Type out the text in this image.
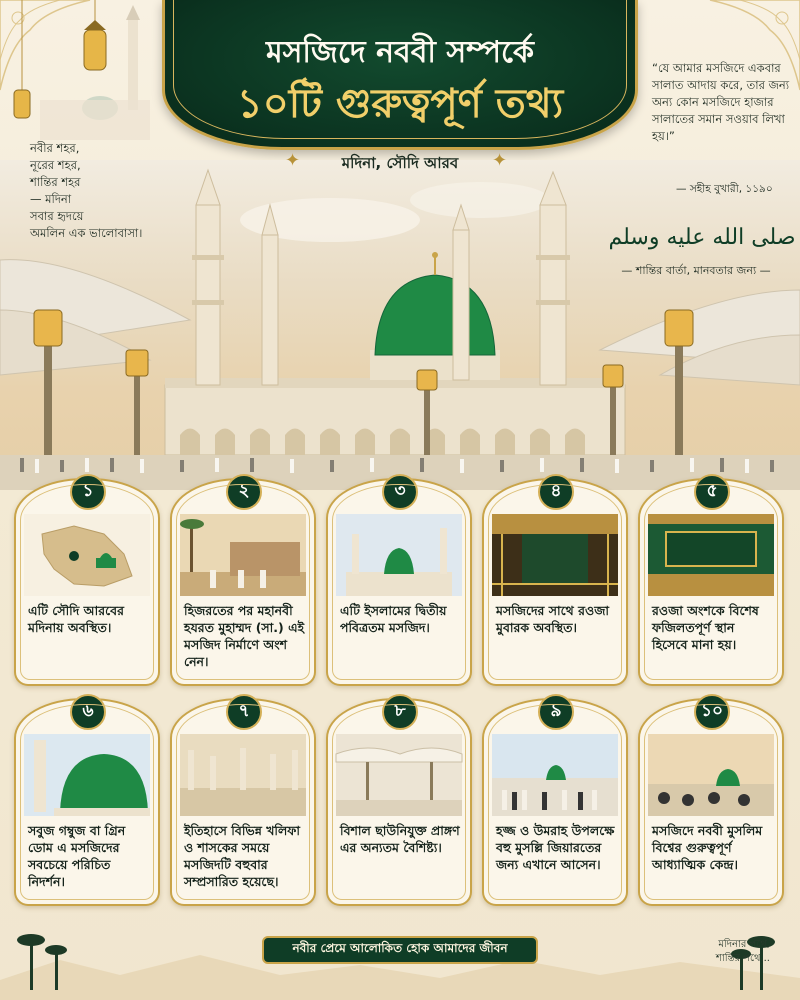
মসজিদে নববী সম্পর্কে
১০টি গুরুত্বপূর্ণ তথ্য
✦	মদিনা, সৌদি আরব	✦
নবীর শহর,
নূরের শহর,
শান্তির শহর
— মদিনা
সবার হৃদয়ে
অমলিন এক ভালোবাসা।
“যে আমার মসজিদে একবার সালাত আদায় করে, তার জন্য অন্য কোন মসজিদে হাজার সালাতের সমান সওয়াব লিখা হয়।”
— সহীহ বুখারী, ১১৯০
صلى الله عليه وسلم
— শান্তির বার্তা, মানবতার জন্য —
১
এটি সৌদি আরবের মদিনায় অবস্থিত।
২
হিজরতের পর মহানবী হযরত মুহাম্মদ (সা.) এই মসজিদ নির্মাণে অংশ নেন।
৩
এটি ইসলামের দ্বিতীয় পবিত্রতম মসজিদ।
৪
মসজিদের সাথে রওজা মুবারক অবস্থিত।
৫
রওজা অংশকে বিশেষ ফজিলতপূর্ণ স্থান হিসেবে মানা হয়।
৬
সবুজ গম্বুজ বা গ্রিন ডোম এ মসজিদের সবচেয়ে পরিচিত নিদর্শন।
৭
ইতিহাসে বিভিন্ন খলিফা ও শাসকের সময়ে মসজিদটি বহুবার সম্প্রসারিত হয়েছে।
৮
বিশাল ছাউনিযুক্ত প্রাঙ্গণ এর অন্যতম বৈশিষ্ট্য।
৯
হজ্জ ও উমরাহ উপলক্ষে বহু মুসল্লি জিয়ারতের জন্য এখানে আসেন।
১০
মসজিদে নববী মুসলিম বিশ্বের গুরুত্বপূর্ণ আধ্যাত্মিক কেন্দ্র।
নবীর প্রেমে আলোকিত হোক আমাদের জীবন	মদিনার পথে,
শান্তির পথে...
